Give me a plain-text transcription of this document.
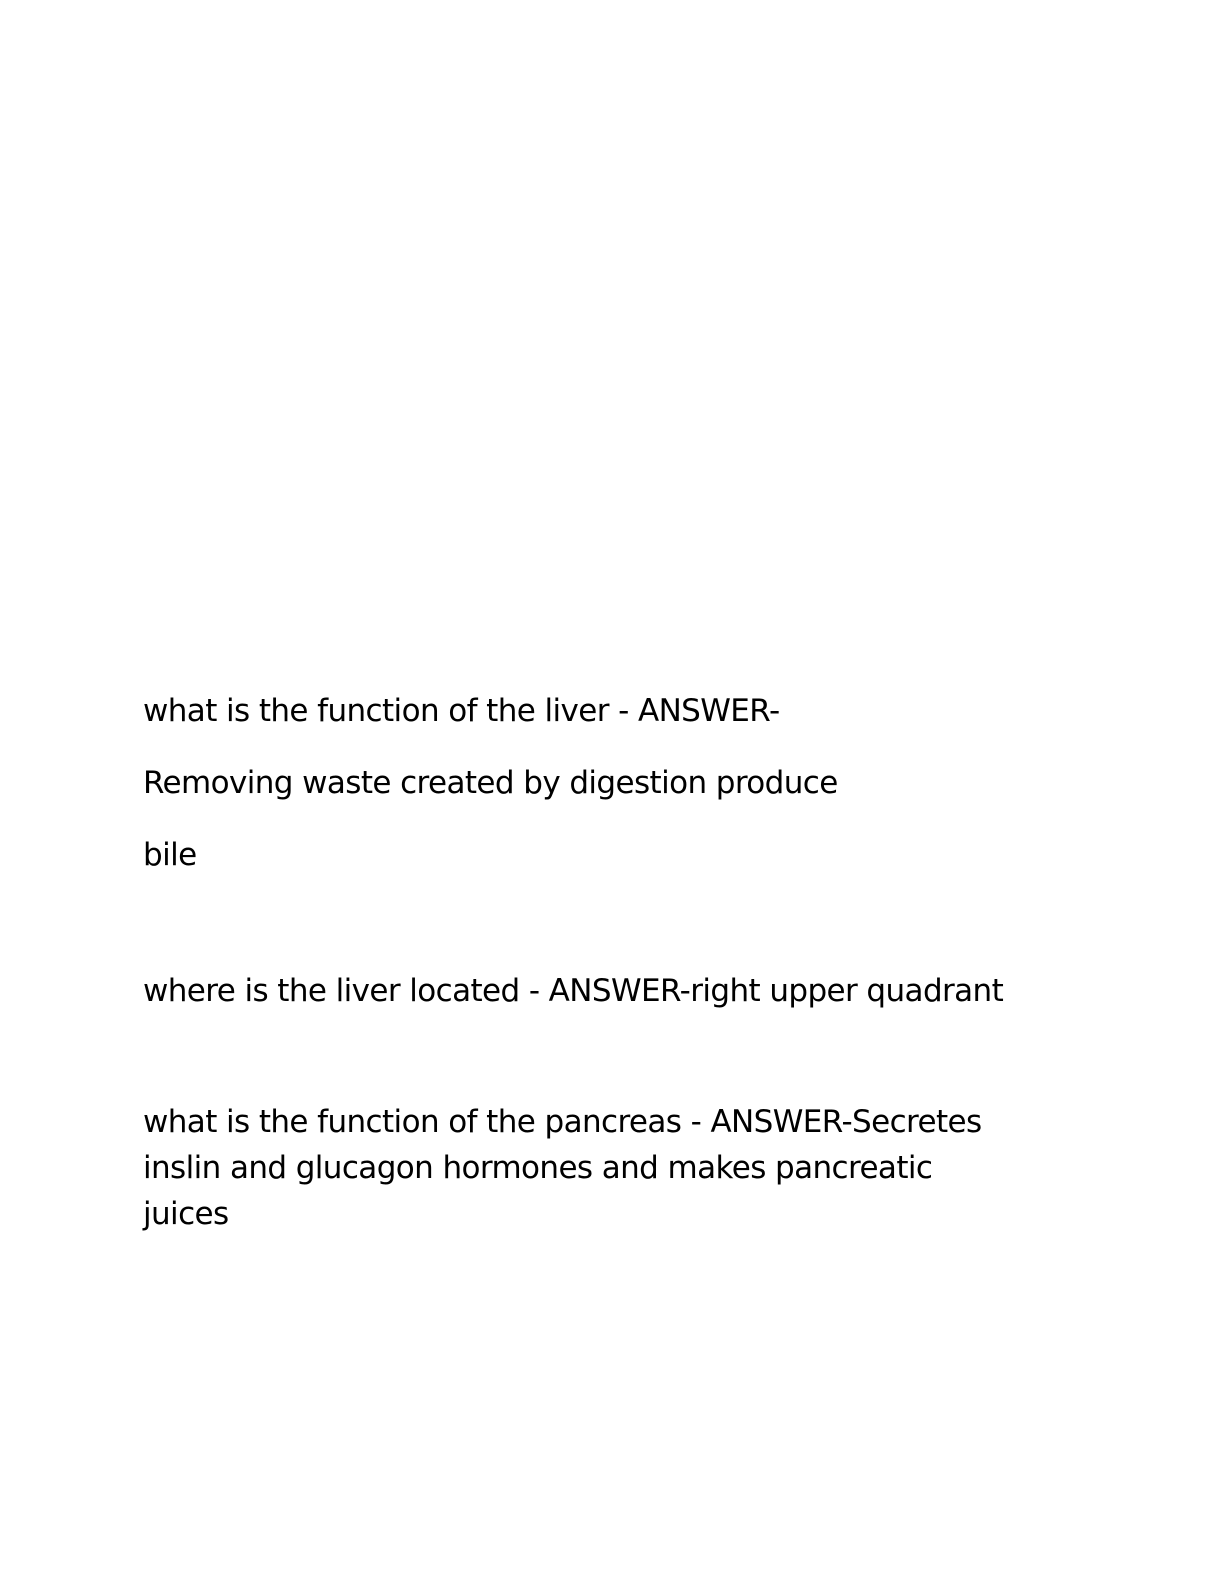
what is the function of the liver - ANSWER-
Removing waste created by digestion produce
bile
where is the liver located - ANSWER-right upper quadrant
what is the function of the pancreas - ANSWER-Secretes
inslin and glucagon hormones and makes pancreatic
juices
